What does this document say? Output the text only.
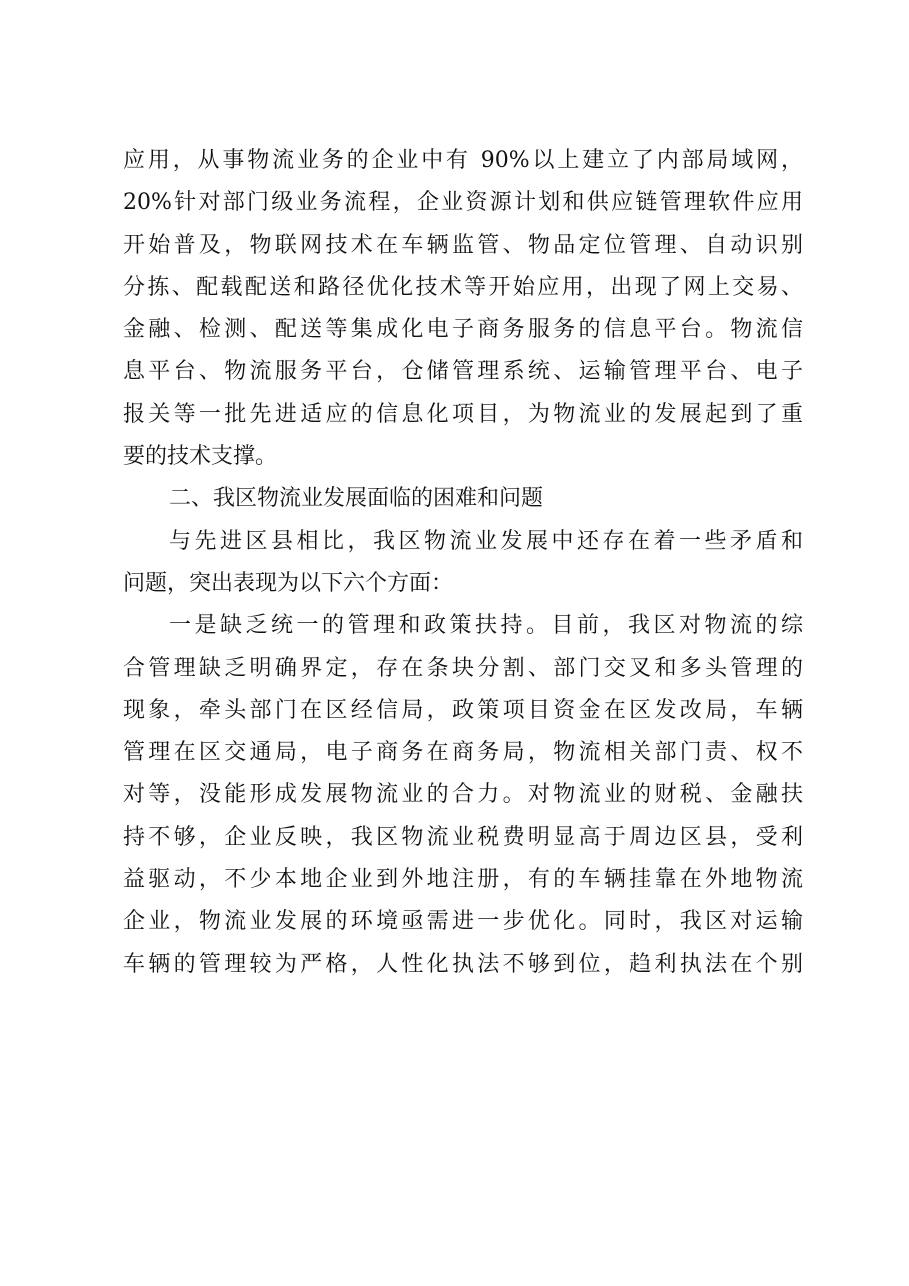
应用，从事物流业务的企业中有 90%以上建立了内部局域网，
20%针对部门级业务流程，企业资源计划和供应链管理软件应用
开始普及，物联网技术在车辆监管、物品定位管理、自动识别
分拣、配载配送和路径优化技术等开始应用，出现了网上交易、
金融、检测、配送等集成化电子商务服务的信息平台。物流信
息平台、物流服务平台，仓储管理系统、运输管理平台、电子
报关等一批先进适应的信息化项目，为物流业的发展起到了重
要的技术支撑。
二、我区物流业发展面临的困难和问题
与先进区县相比，我区物流业发展中还存在着一些矛盾和
问题，突出表现为以下六个方面：
一是缺乏统一的管理和政策扶持。目前，我区对物流的综
合管理缺乏明确界定，存在条块分割、部门交叉和多头管理的
现象，牵头部门在区经信局，政策项目资金在区发改局，车辆
管理在区交通局，电子商务在商务局，物流相关部门责、权不
对等，没能形成发展物流业的合力。对物流业的财税、金融扶
持不够，企业反映，我区物流业税费明显高于周边区县，受利
益驱动，不少本地企业到外地注册，有的车辆挂靠在外地物流
企业，物流业发展的环境亟需进一步优化。同时，我区对运输
车辆的管理较为严格，人性化执法不够到位，趋利执法在个别
